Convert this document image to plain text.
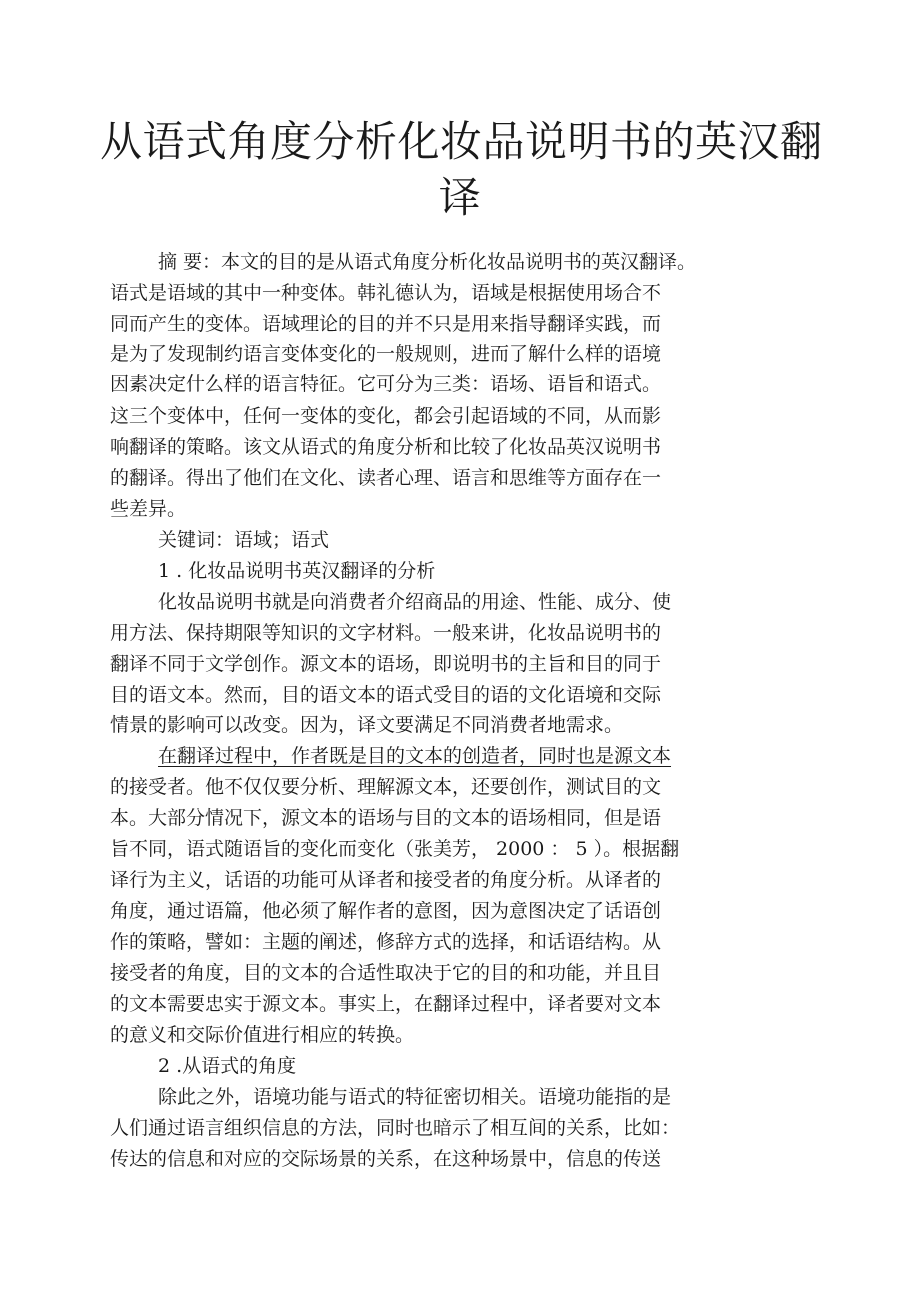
从语式角度分析化妆品说明书的英汉翻
译

摘 要：本文的目的是从语式角度分析化妆品说明书的英汉翻译。

语式是语域的其中一种变体。韩礼德认为，语域是根据使用场合不

同而产生的变体。语域理论的目的并不只是用来指导翻译实践，而

是为了发现制约语言变体变化的一般规则，进而了解什么样的语境

因素决定什么样的语言特征。它可分为三类：语场、语旨和语式。

这三个变体中，任何一变体的变化，都会引起语域的不同，从而影

响翻译的策略。该文从语式的角度分析和比较了化妆品英汉说明书

的翻译。得出了他们在文化、读者心理、语言和思维等方面存在一

些差异。

关键词：语域；语式

1 . 化妆品说明书英汉翻译的分析

化妆品说明书就是向消费者介绍商品的用途、性能、成分、使

用方法、保持期限等知识的文字材料。一般来讲，化妆品说明书的

翻译不同于文学创作。源文本的语场，即说明书的主旨和目的同于

目的语文本。然而，目的语文本的语式受目的语的文化语境和交际

情景的影响可以改变。因为，译文要满足不同消费者地需求。

在翻译过程中，作者既是目的文本的创造者，同时也是源文本

的接受者。他不仅仅要分析、理解源文本，还要创作，测试目的文

本。大部分情况下，源文本的语场与目的文本的语场相同，但是语

旨不同，语式随语旨的变化而变化（张美芳， 2000 ： 5 ）。根据翻

译行为主义，话语的功能可从译者和接受者的角度分析。从译者的

角度，通过语篇，他必须了解作者的意图，因为意图决定了话语创

作的策略，譬如：主题的阐述，修辞方式的选择，和话语结构。从

接受者的角度，目的文本的合适性取决于它的目的和功能，并且目

的文本需要忠实于源文本。事实上，在翻译过程中，译者要对文本

的意义和交际价值进行相应的转换。

2 .从语式的角度

除此之外，语境功能与语式的特征密切相关。语境功能指的是

人们通过语言组织信息的方法，同时也暗示了相互间的关系，比如：

传达的信息和对应的交际场景的关系，在这种场景中，信息的传送
